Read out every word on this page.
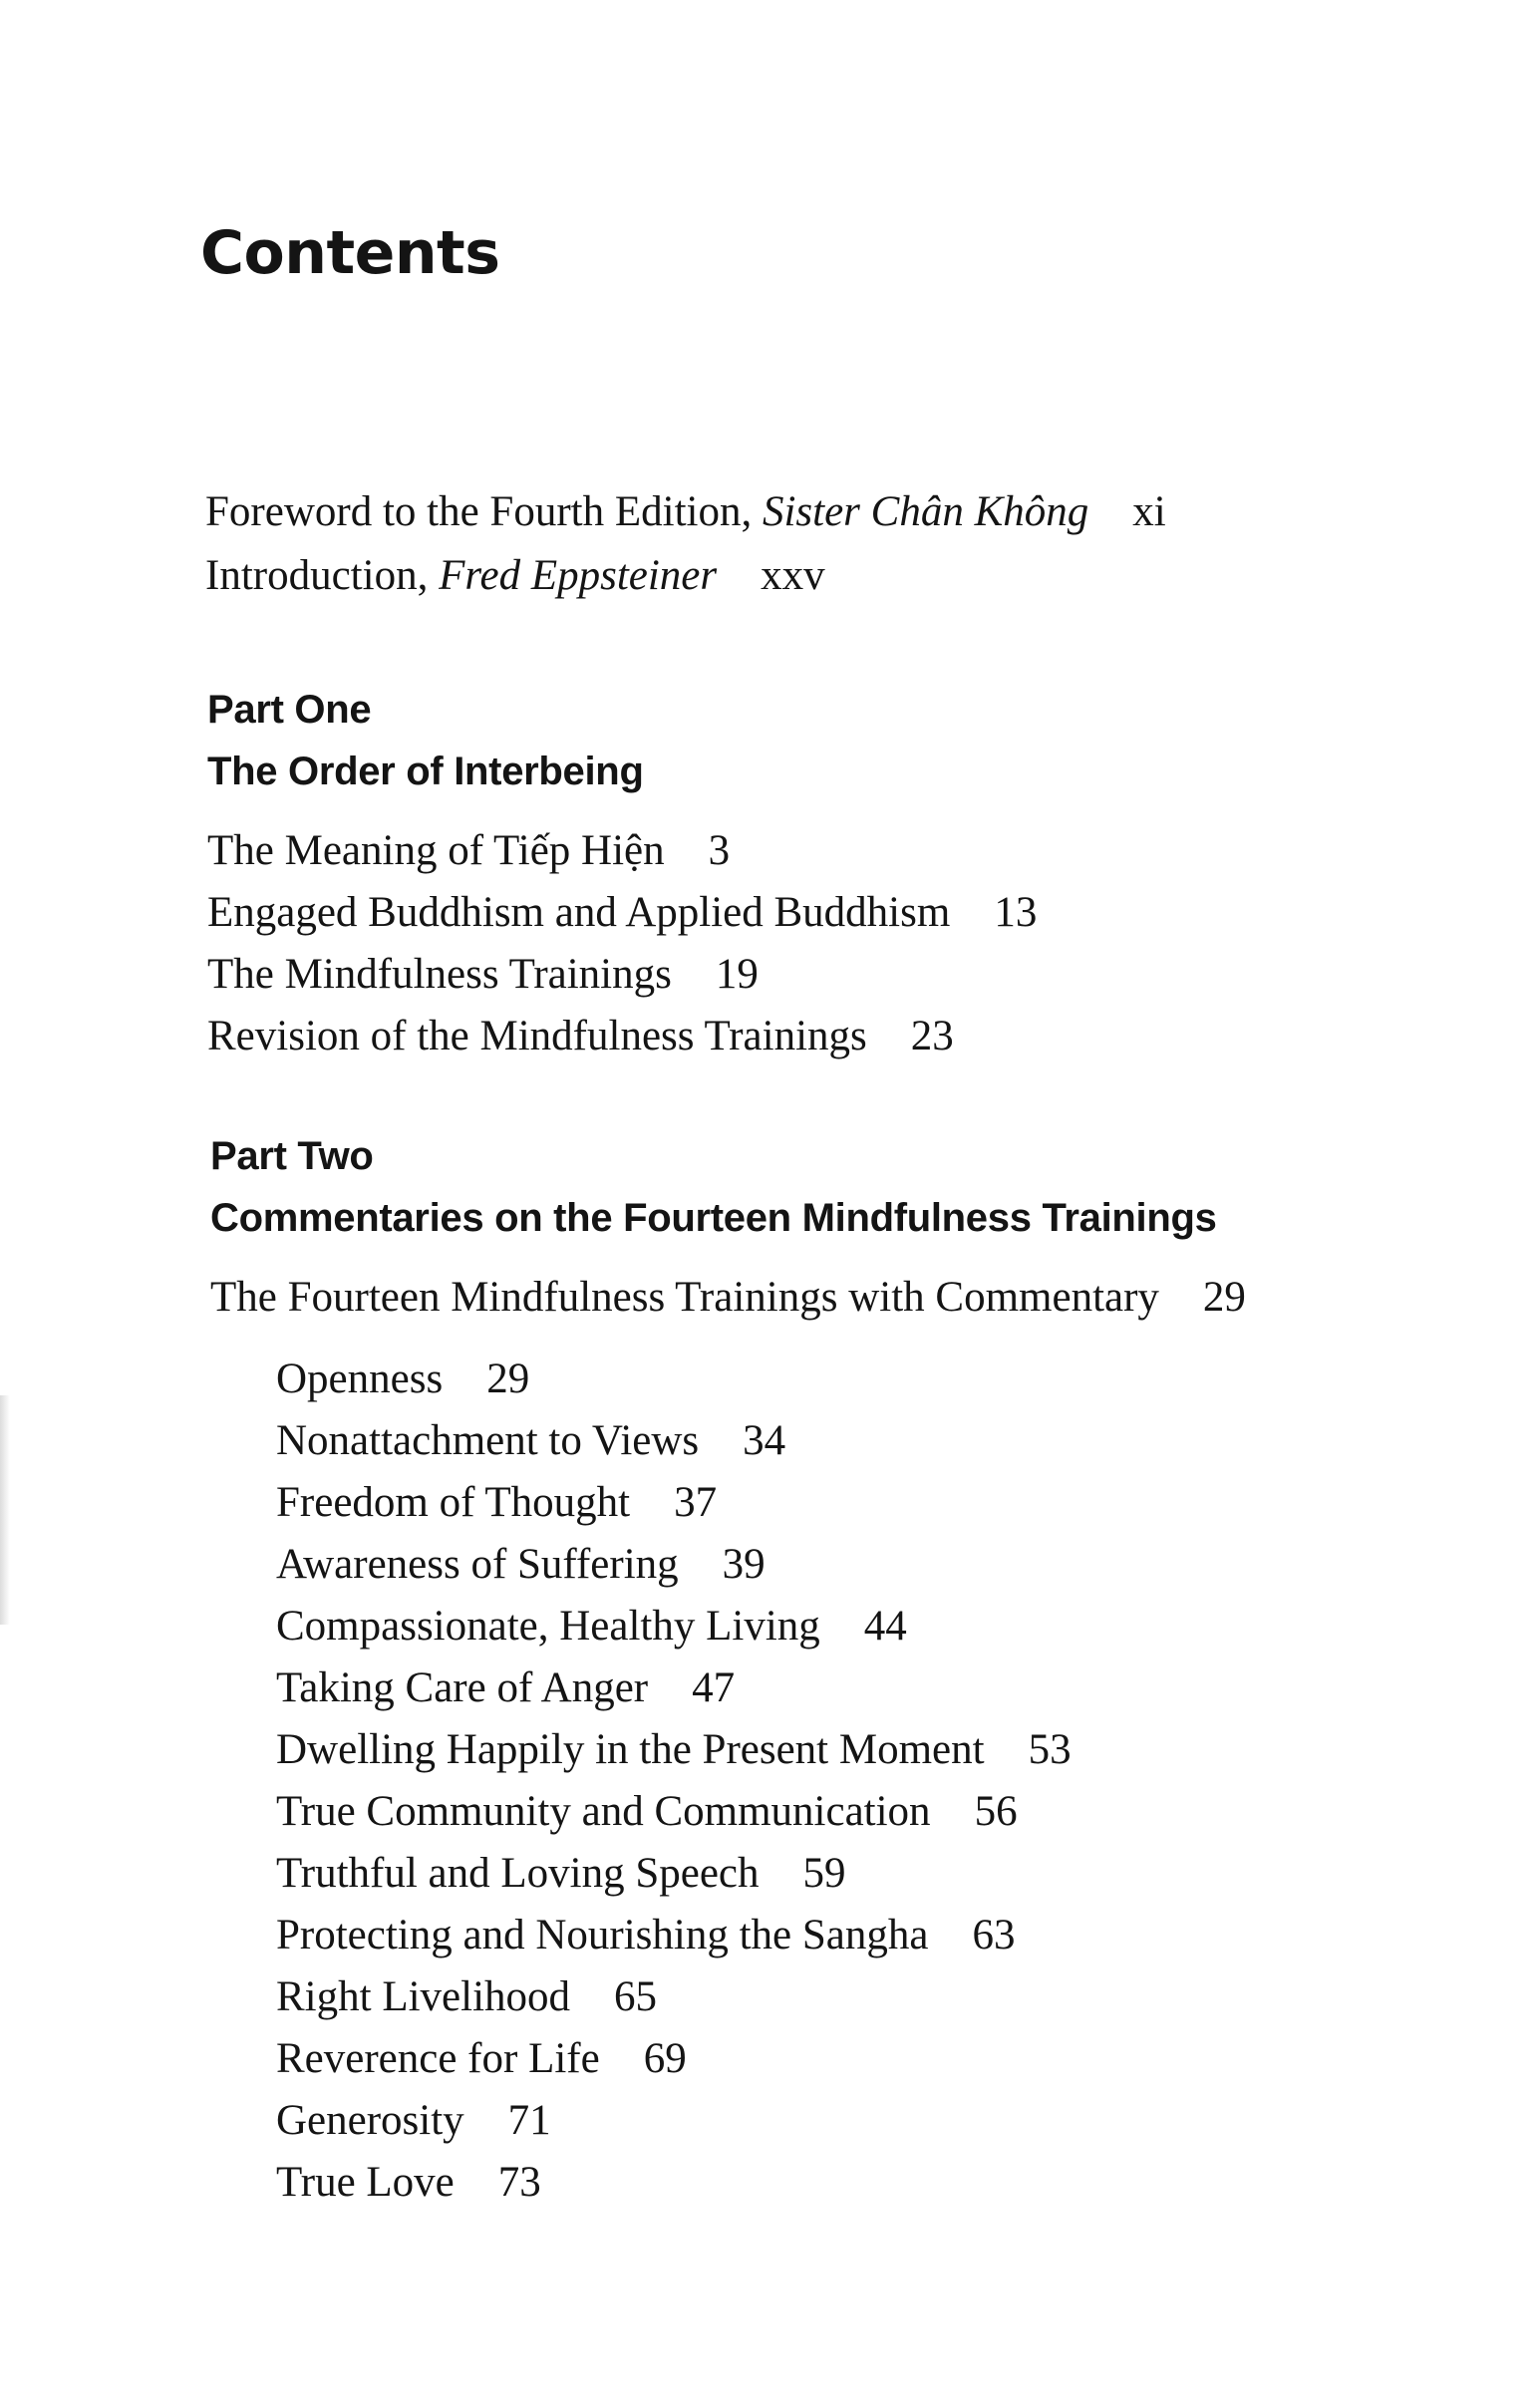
Contents
Foreword to the Fourth Edition, Sister Chân Không xi
Introduction, Fred Eppsteiner xxv
Part One
The Order of Interbeing
The Meaning of Tiếp Hiện 3
Engaged Buddhism and Applied Buddhism 13
The Mindfulness Trainings 19
Revision of the Mindfulness Trainings 23
Part Two
Commentaries on the Fourteen Mindfulness Trainings
The Fourteen Mindfulness Trainings with Commentary 29
Openness 29
Nonattachment to Views 34
Freedom of Thought 37
Awareness of Suffering 39
Compassionate, Healthy Living 44
Taking Care of Anger 47
Dwelling Happily in the Present Moment 53
True Community and Communication 56
Truthful and Loving Speech 59
Protecting and Nourishing the Sangha 63
Right Livelihood 65
Reverence for Life 69
Generosity 71
True Love 73
